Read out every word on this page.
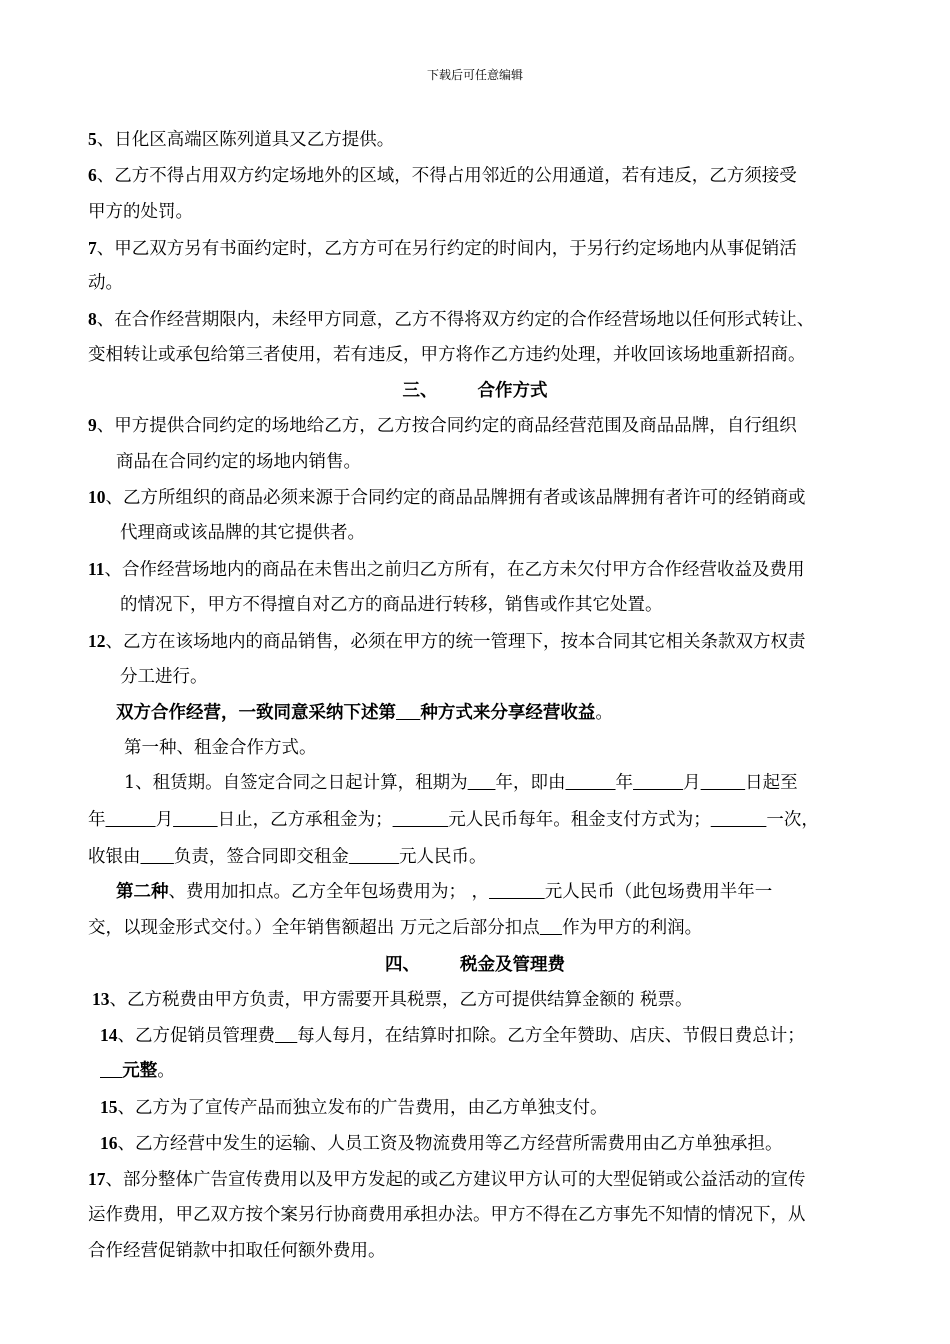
下载后可任意编辑
5、日化区高端区陈列道具又乙方提供。
6、乙方不得占用双方约定场地外的区域，不得占用邻近的公用通道，若有违反，乙方须接受
甲方的处罚。
7、甲乙双方另有书面约定时，乙方方可在另行约定的时间内，于另行约定场地内从事促销活
动。
8、在合作经营期限内，未经甲方同意，乙方不得将双方约定的合作经营场地以任何形式转让、
变相转让或承包给第三者使用，若有违反，甲方将作乙方违约处理，并收回该场地重新招商。
三、 合作方式
9、甲方提供合同约定的场地给乙方，乙方按合同约定的商品经营范围及商品品牌，自行组织
商品在合同约定的场地内销售。
10、乙方所组织的商品必须来源于合同约定的商品品牌拥有者或该品牌拥有者许可的经销商或
代理商或该品牌的其它提供者。
11、合作经营场地内的商品在未售出之前归乙方所有，在乙方未欠付甲方合作经营收益及费用
的情况下，甲方不得擅自对乙方的商品进行转移，销售或作其它处置。
12、乙方在该场地内的商品销售，必须在甲方的统一管理下，按本合同其它相关条款双方权责
分工进行。
双方合作经营，一致同意采纳下述第 种方式来分享经营收益。
第一种、租金合作方式。
1、租赁期。自签定合同之日起计算，租期为 年，即由	年	月	日起至
年	月	日止，乙方承租金为；	元人民币每年。租金支付方式为；	一次，
收银由 负责，签合同即交租金	元人民币。
第二种、费用加扣点。乙方全年包场费用为； ，	元人民币（此包场费用半年一
交，以现金形式交付。）全年销售额超出 万元之后部分扣点 作为甲方的利润。
四、 税金及管理费
13、乙方税费由甲方负责，甲方需要开具税票，乙方可提供结算金额的 税票。
14、乙方促销员管理费 每人每月，在结算时扣除。乙方全年赞助、店庆、节假日费总计；
元整。
15、乙方为了宣传产品而独立发布的广告费用，由乙方单独支付。
16、乙方经营中发生的运输、人员工资及物流费用等乙方经营所需费用由乙方单独承担。
17、部分整体广告宣传费用以及甲方发起的或乙方建议甲方认可的大型促销或公益活动的宣传
运作费用，甲乙双方按个案另行协商费用承担办法。甲方不得在乙方事先不知情的情况下，从
合作经营促销款中扣取任何额外费用。
